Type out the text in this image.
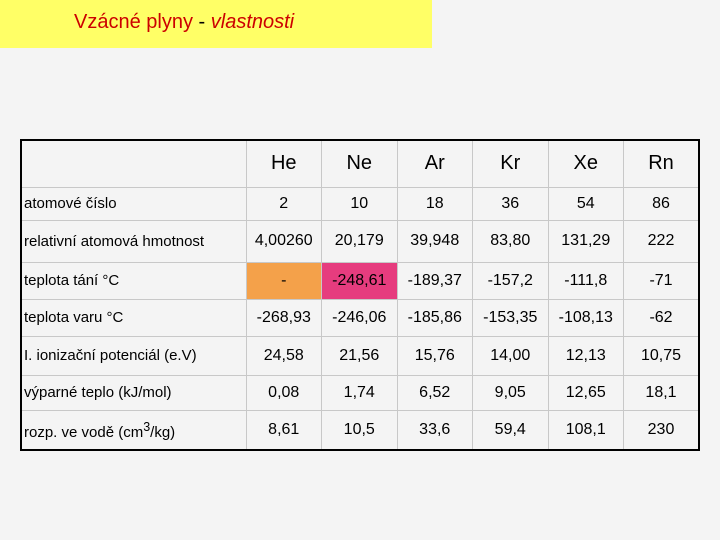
Vzácné plyny - vlastnosti
	He	Ne	Ar	Kr	Xe	Rn
atomové číslo	2	10	18	36	54	86
relativní atomová hmotnost	4,00260	20,179	39,948	83,80	131,29	222
teplota tání °C	-	-248,61	-189,37	-157,2	-111,8	-71
teplota varu °C	-268,93	-246,06	-185,86	-153,35	-108,13	-62
I. ionizační potenciál (e.V)	24,58	21,56	15,76	14,00	12,13	10,75
výparné teplo (kJ/mol)	0,08	1,74	6,52	9,05	12,65	18,1
rozp. ve vodě $(cm^3/kg)$	8,61	10,5	33,6	59,4	108,1	230
